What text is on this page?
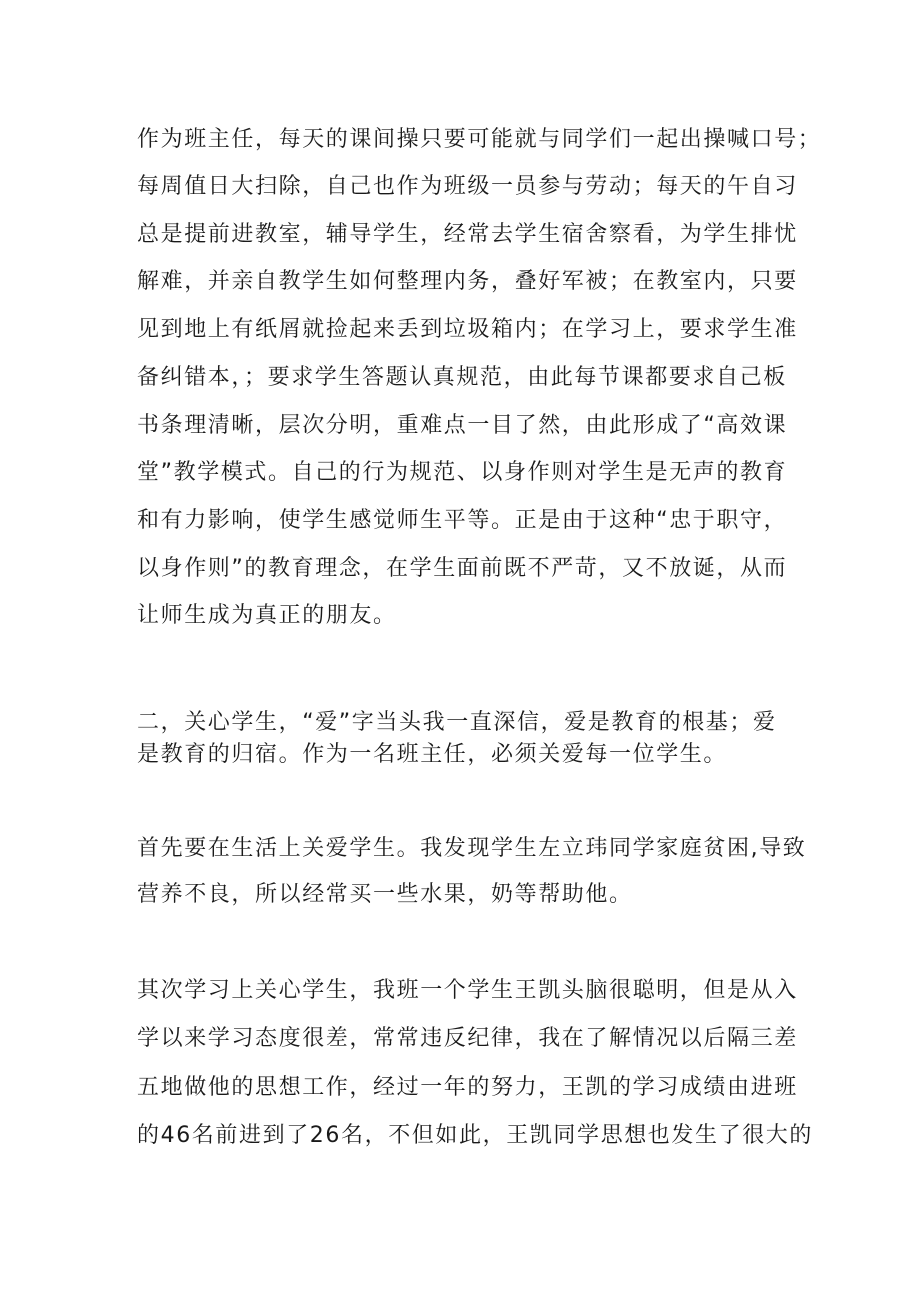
作为班主任，每天的课间操只要可能就与同学们一起出操喊口号；
每周值日大扫除，自己也作为班级一员参与劳动；每天的午自习
总是提前进教室，辅导学生，经常去学生宿舍察看，为学生排忧
解难，并亲自教学生如何整理内务，叠好军被；在教室内，只要
见到地上有纸屑就捡起来丢到垃圾箱内；在学习上，要求学生准
备纠错本，；要求学生答题认真规范，由此每节课都要求自己板
书条理清晰，层次分明，重难点一目了然，由此形成了“高效课
堂”教学模式。自己的行为规范、以身作则对学生是无声的教育
和有力影响，使学生感觉师生平等。正是由于这种“忠于职守，
以身作则”的教育理念，在学生面前既不严苛，又不放诞，从而
让师生成为真正的朋友。
二，关心学生，“爱”字当头我一直深信，爱是教育的根基；爱
是教育的归宿。作为一名班主任，必须关爱每一位学生。
首先要在生活上关爱学生。我发现学生左立玮同学家庭贫困,导致
营养不良，所以经常买一些水果，奶等帮助他。
其次学习上关心学生，我班一个学生王凯头脑很聪明，但是从入
学以来学习态度很差，常常违反纪律，我在了解情况以后隔三差
五地做他的思想工作，经过一年的努力，王凯的学习成绩由进班
的46名前进到了26名，不但如此，王凯同学思想也发生了很大的
